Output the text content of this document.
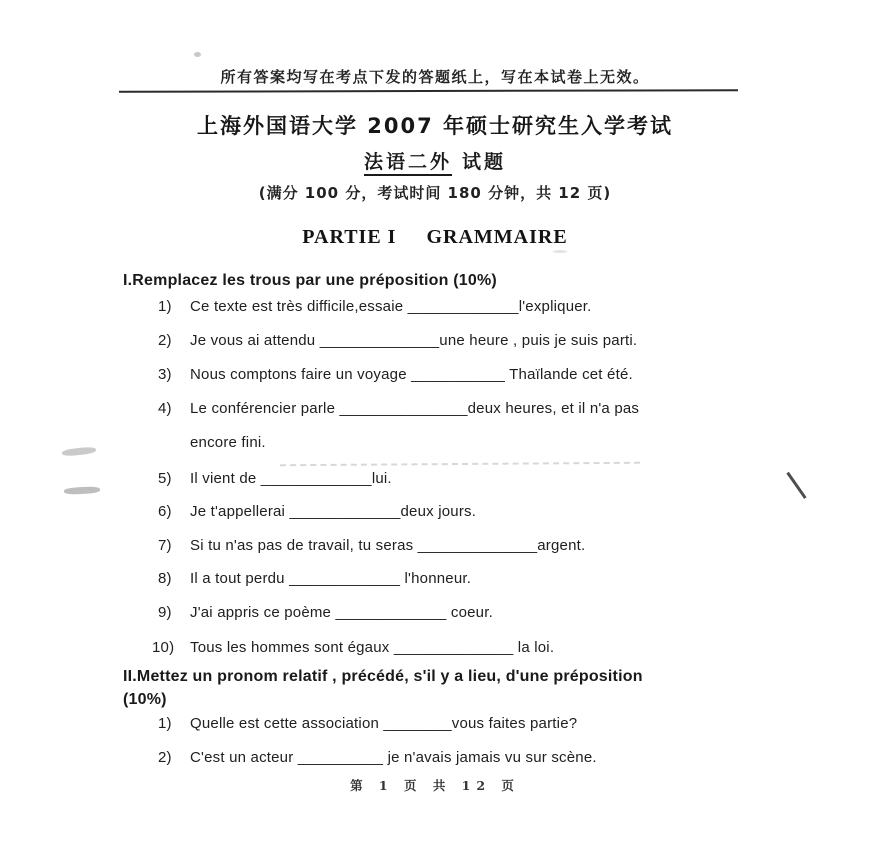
所有答案均写在考点下发的答题纸上，写在本试卷上无效。
上海外国语大学 2007 年硕士研究生入学考试
法语二外 试题
(满分 100 分，考试时间 180 分钟，共 12 页)
PARTIE I GRAMMAIRE
I.Remplacez les trous par une préposition (10%)
1) Ce texte est très difficile,essaie _____________l'expliquer.
2) Je vous ai attendu ______________une heure , puis je suis parti.
3) Nous comptons faire un voyage ___________ Thaïlande cet été.
4) Le conférencier parle _______________deux heures, et il n'a pas
encore fini.
5) Il vient de _____________lui.
6) Je t'appellerai _____________deux jours.
7) Si tu n'as pas de travail, tu seras ______________argent.
8) Il a tout perdu _____________ l'honneur.
9) J'ai appris ce poème _____________ coeur.
10) Tous les hommes sont égaux ______________ la loi.
II.Mettez un pronom relatif , précédé, s'il y a lieu, d'une préposition
(10%)
1) Quelle est cette association ________vous faites partie?
2) C'est un acteur __________ je n'avais jamais vu sur scène.
第 1 页 共 12 页
